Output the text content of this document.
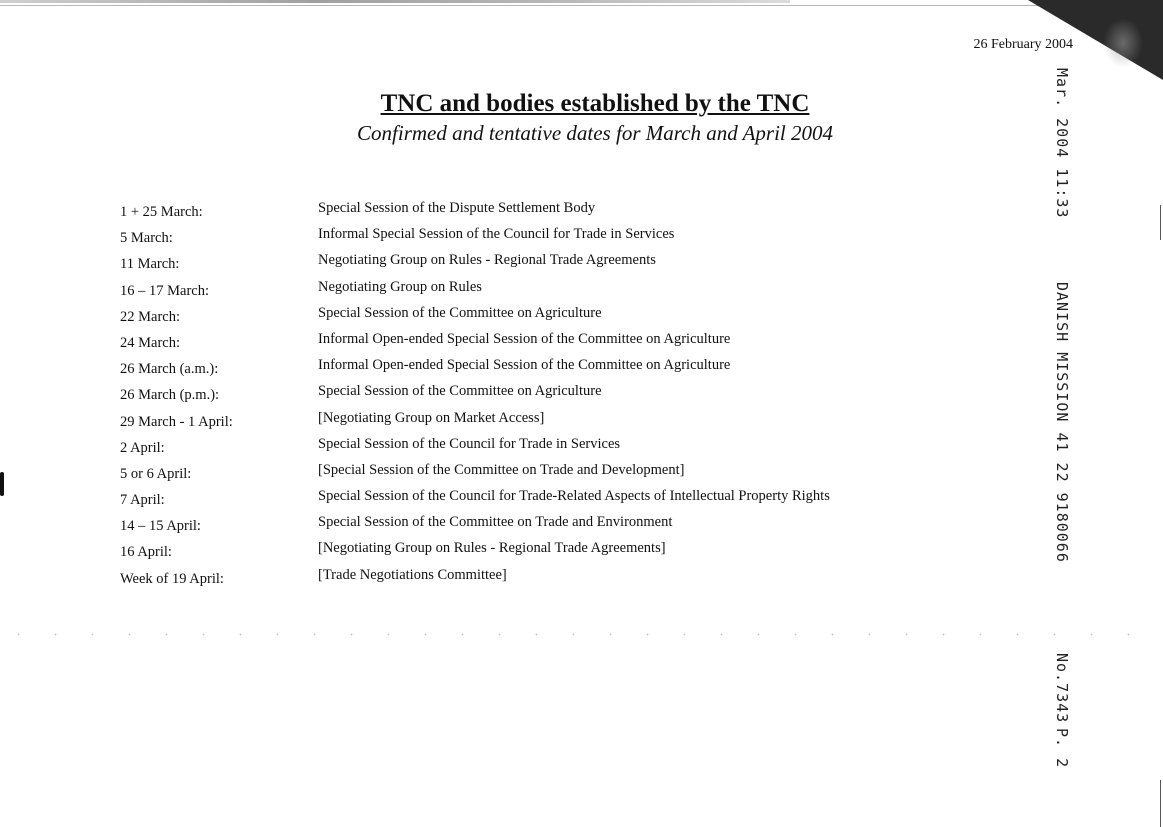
26 February 2004

TNC and bodies established by the TNC

Confirmed and tentative dates for March and April 2004

1 + 25 March:	Special Session of the Dispute Settlement Body
5 March:	Informal Special Session of the Council for Trade in Services
11 March:	Negotiating Group on Rules - Regional Trade Agreements
16 – 17 March:	Negotiating Group on Rules
22 March:	Special Session of the Committee on Agriculture
24 March:	Informal Open-ended Special Session of the Committee on Agriculture
26 March (a.m.):	Informal Open-ended Special Session of the Committee on Agriculture
26 March (p.m.):	Special Session of the Committee on Agriculture
29 March - 1 April:	[Negotiating Group on Market Access]
2 April:	Special Session of the Council for Trade in Services
5 or 6 April:	[Special Session of the Committee on Trade and Development]
7 April:	Special Session of the Council for Trade-Related Aspects of Intellectual Property Rights
14 – 15 April:	Special Session of the Committee on Trade and Environment
16 April:	[Negotiating Group on Rules - Regional Trade Agreements]
Week of 19 April:	[Trade Negotiations Committee]

Mar. 2004 11:33

DANISH MISSION 41 22 9180066

No.7343

P. 2
